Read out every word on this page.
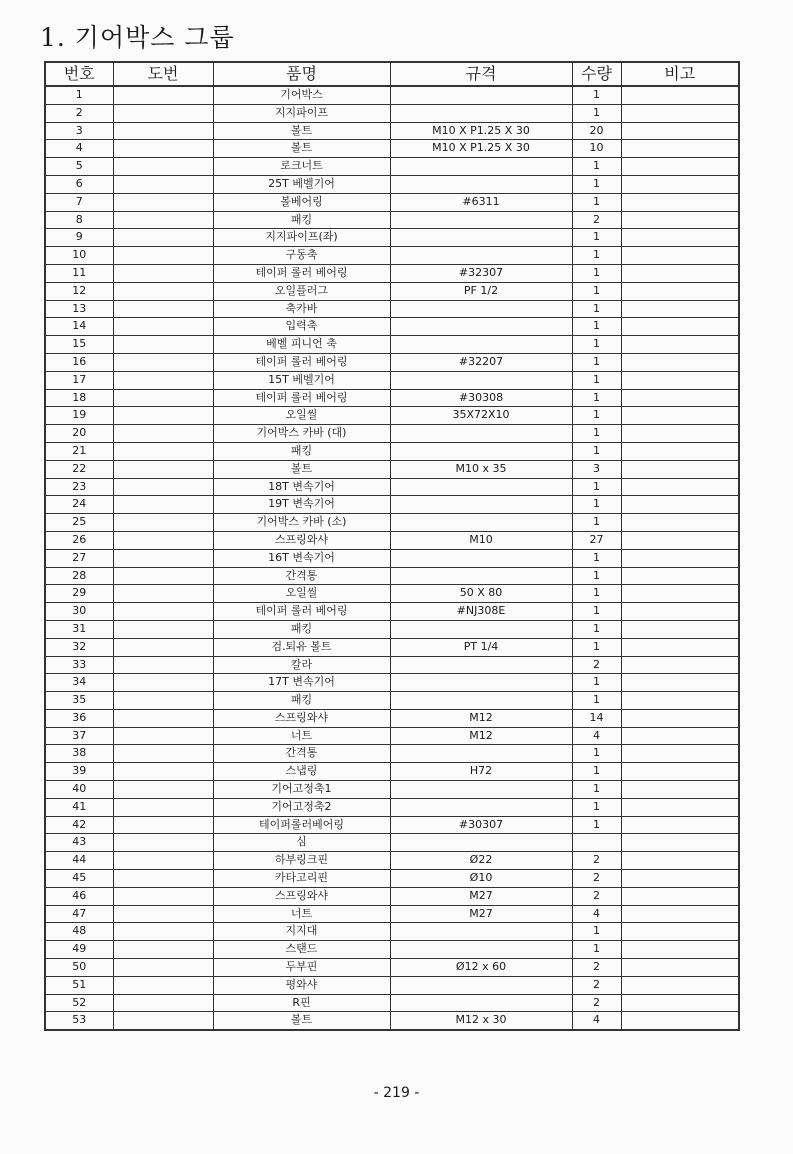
1. 기어박스 그룹
번호	도번	품명	규격	수량	비고
1		기어박스		1	
2		지지파이프		1	
3		볼트	M10 X P1.25 X 30	20	
4		볼트	M10 X P1.25 X 30	10	
5		로크너트		1	
6		25T 베벨기어		1	
7		볼베어링	#6311	1	
8		패킹		2	
9		지지파이프(좌)		1	
10		구동축		1	
11		테이퍼 롤러 베어링	#32307	1	
12		오일플러그	PF 1/2	1	
13		축카바		1	
14		입력축		1	
15		베벨 피니언 축		1	
16		테이퍼 롤러 베어링	#32207	1	
17		15T 베벨기어		1	
18		테이퍼 롤러 베어링	#30308	1	
19		오일씰	35X72X10	1	
20		기어박스 카바 (대)		1	
21		패킹		1	
22		볼트	M10 x 35	3	
23		18T 변속기어		1	
24		19T 변속기어		1	
25		기어박스 카바 (소)		1	
26		스프링와샤	M10	27	
27		16T 변속기어		1	
28		간격통		1	
29		오일씰	50 X 80	1	
30		테이퍼 롤러 베어링	#NJ308E	1	
31		패킹		1	
32		검.퇴유 볼트	PT 1/4	1	
33		칼라		2	
34		17T 변속기어		1	
35		패킹		1	
36		스프링와샤	M12	14	
37		너트	M12	4	
38		간격통		1	
39		스냅링	H72	1	
40		기어고정축1		1	
41		기어고정축2		1	
42		테이퍼롤러베어링	#30307	1	
43		심			
44		하부링크핀	Ø22	2	
45		카타고리핀	Ø10	2	
46		스프링와샤	M27	2	
47		너트	M27	4	
48		지지대		1	
49		스탠드		1	
50		두부핀	Ø12 x 60	2	
51		평와샤		2	
52		R핀		2	
53		볼트	M12 x 30	4	
- 219 -
